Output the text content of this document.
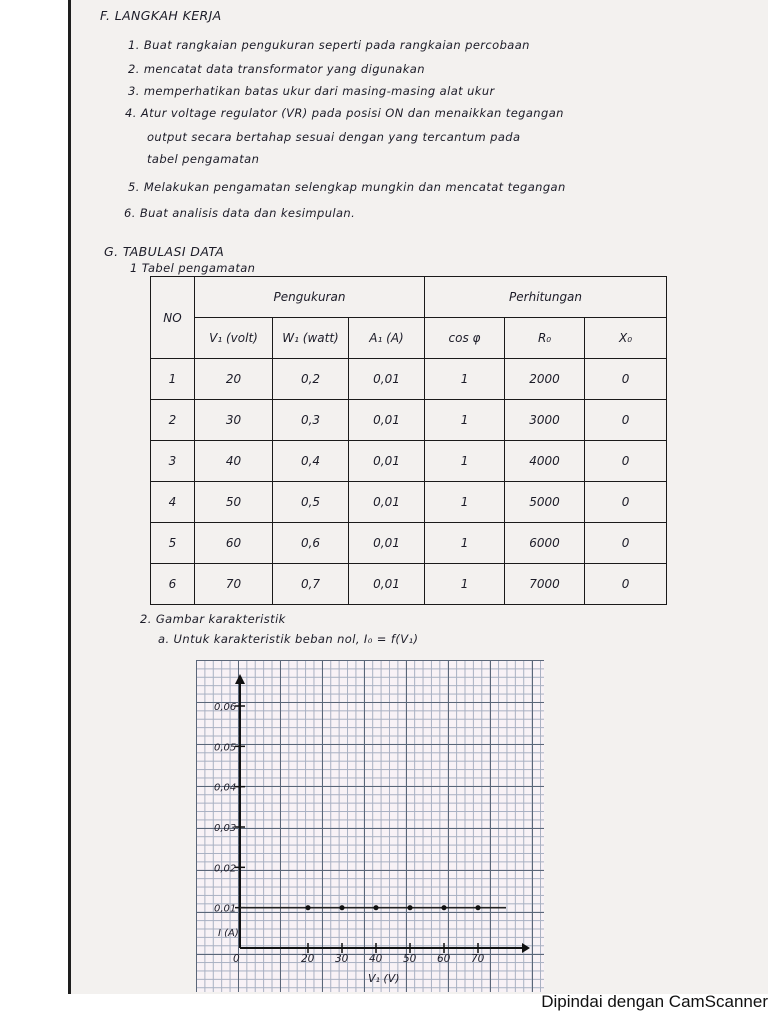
F. LANGKAH KERJA
1. Buat rangkaian pengukuran seperti pada rangkaian percobaan
2. mencatat data transformator yang digunakan
3. memperhatikan batas ukur dari masing-masing alat ukur
4. Atur voltage regulator (VR) pada posisi ON dan menaikkan tegangan
output secara bertahap sesuai dengan yang tercantum pada
tabel pengamatan
5. Melakukan pengamatan selengkap mungkin dan mencatat tegangan
6. Buat analisis data dan kesimpulan.
G. TABULASI DATA
1 Tabel pengamatan
NO	Pengukuran			Perhitungan		
	V₁ (volt)	W₁ (watt)	A₁ (A)	cos φ	R₀	X₀
1	20	0,2	0,01	1	2000	0
2	30	0,3	0,01	1	3000	0
3	40	0,4	0,01	1	4000	0
4	50	0,5	0,01	1	5000	0
5	60	0,6	0,01	1	6000	0
6	70	0,7	0,01	1	7000	0
2. Gambar karakteristik
a. Untuk karakteristik beban nol, I₀ = f(V₁)
0,06
0,05
0,04
0,03
0,02
0,01
I (A)
0	20 30 40 50 60 70
V₁ (V)
Dipindai dengan CamScanner
